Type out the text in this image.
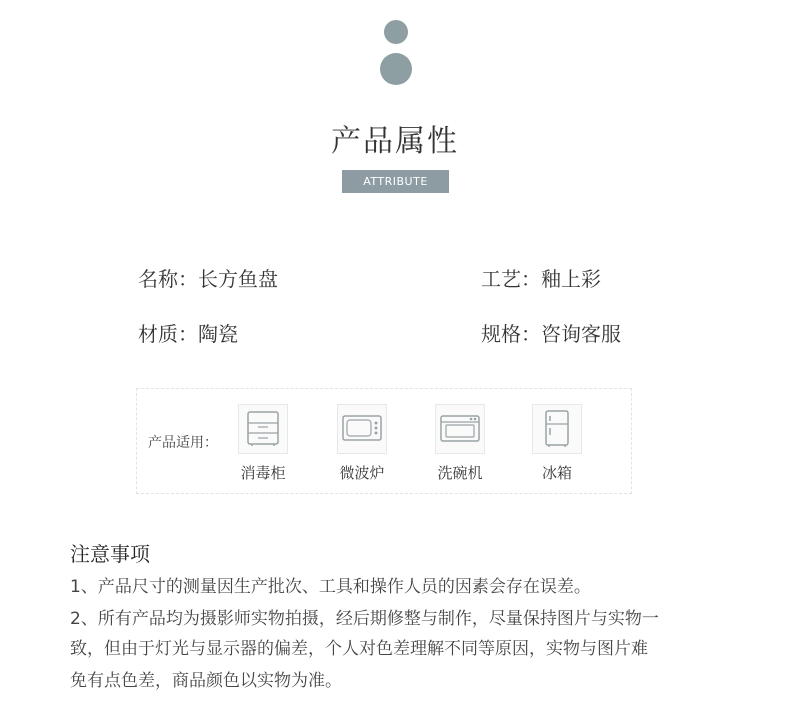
产品属性
ATTRIBUTE
名称：长方鱼盘	工艺：釉上彩
材质：陶瓷	规格：咨询客服
产品适用：
消毒柜	微波炉	洗碗机	冰箱
注意事项
1、产品尺寸的测量因生产批次、工具和操作人员的因素会存在误差。
2、所有产品均为摄影师实物拍摄，经后期修整与制作，尽量保持图片与实物一
致，但由于灯光与显示器的偏差，个人对色差理解不同等原因，实物与图片难
免有点色差，商品颜色以实物为准。
